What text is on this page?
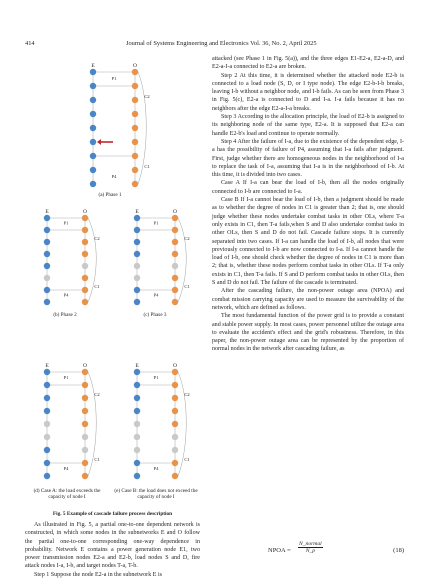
414	Journal of Systems Engineering and Electronics Vol. 36, No. 2, April 2025
E	O
P1
P4
C2
C1
E	O
P1
P4
C2
C1
E	O
P1
P4
C2
C1
E	O
P1
P4
C2
C1
E	O
P1
P4
C2
C1
(a) Phase 1
(b) Phase 2	(c) Phase 3
(d) Case A: the load exceeds the capacity of node I
(e) Case B: the load does not exceed the capacity of node I
Fig. 5 Example of cascade failure process description

As illustrated in Fig. 5, a partial one-to-one dependent network is constructed, in which some nodes in the subnetworks E and O follow the partial one-to-one corresponding one-way dependence in probability. Network E contains a power generation node E1, two power transmission nodes E2-a and E2-b, load nodes S and D, fire attack nodes I-a, I-b, and target nodes T-a, T-b.

Step 1 Suppose the node E2-a in the subnetwork E is

attacked (see Phase 1 in Fig. 5(a)), and the three edges E1-E2-a, E2-a-D, and E2-a-I-a connected to E2-a are broken.

Step 2 At this time, it is determined whether the attacked node E2-b is connected to a load node (S, D, or I type node). The edge E2-b-I-b breaks, leaving I-b without a neighbor node, and I-b fails. As can be seen from Phase 3 in Fig. 5(c), E2-a is connected to D and I-a. I-a fails because it has no neighbors after the edge E2-a-I-a breaks.

Step 3 According to the allocation principle, the load of E2-b is assigned to its neighboring node of the same type, E2-a. It is supposed that E2-a can handle E2-b's load and continue to operate normally.

Step 4 After the failure of I-a, due to the existence of the dependent edge, I-a has the possibility of failure of P4, assuming that I-a fails after judgment. First, judge whether there are homogeneous nodes in the neighborhood of I-a to replace the task of I-a, assuming that I-a is in the neighborhood of I-b. At this time, it is divided into two cases.

Case A If I-a can bear the load of I-b, then all the nodes originally connected to I-b are connected to I-a.

Case B If I-a cannot bear the load of I-b, then a judgment should be made as to whether the degree of nodes in C1 is greater than 2; that is, one should judge whether these nodes undertake combat tasks in other OLs, where T-a only exists in C1, then T-a fails,when S and D also undertake combat tasks in other OLs, then S and D do not fail. Cascade failure stops. It is currently separated into two cases. If I-a can handle the load of I-b, all nodes that were previously connected to I-b are now connected to I-a. If I-a cannot handle the load of I-b, one should check whether the degree of nodes in C1 is more than 2; that is, whether these nodes perform combat tasks in other OLs. If T-a only exists in C1, then T-a fails. If S and D perform combat tasks in other OLs, then S and D do not fail. The failure of the cascade is terminated.

After the cascading failure, the non-power outage area (NPOA) and combat mission carrying capacity are used to measure the survivability of the network, which are defined as follows.

The most fundamental function of the power grid is to provide a constant and stable power supply. In most cases, power personnel utilize the outage area to evaluate the accident's effect and the grid's robustness. Therefore, in this paper, the non-power outage area can be represented by the proportion of normal nodes in the network after cascading failure, as

NPOA =
N_normal
N_p	(18)
